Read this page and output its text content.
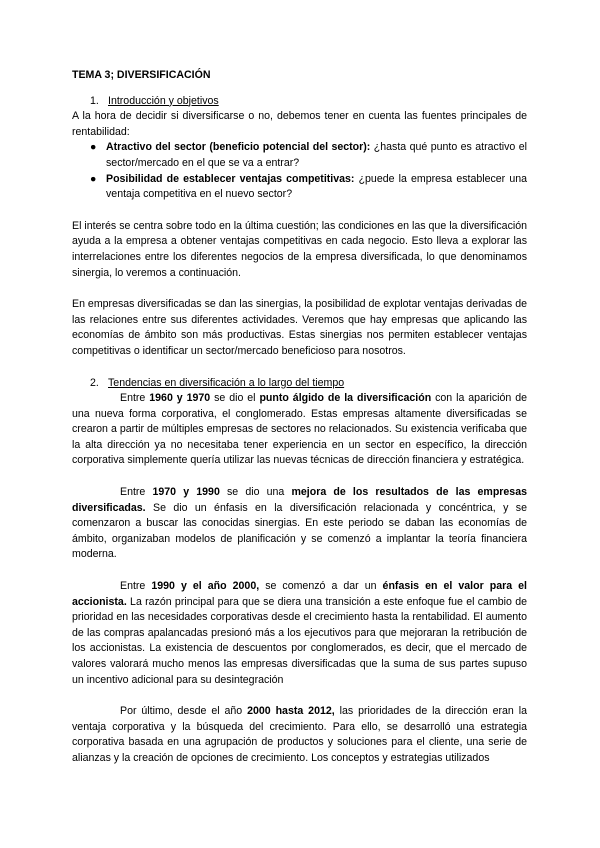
TEMA 3; DIVERSIFICACIÓN
1. Introducción y objetivos

A la hora de decidir si diversificarse o no, debemos tener en cuenta las fuentes principales de rentabilidad:

● Atractivo del sector (beneficio potencial del sector): ¿hasta qué punto es atractivo el sector/mercado en el que se va a entrar?
● Posibilidad de establecer ventajas competitivas: ¿puede la empresa establecer una ventaja competitiva en el nuevo sector?

El interés se centra sobre todo en la última cuestión; las condiciones en las que la diversificación ayuda a la empresa a obtener ventajas competitivas en cada negocio. Esto lleva a explorar las interrelaciones entre los diferentes negocios de la empresa diversificada, lo que denominamos sinergia, lo veremos a continuación.

En empresas diversificadas se dan las sinergias, la posibilidad de explotar ventajas derivadas de las relaciones entre sus diferentes actividades. Veremos que hay empresas que aplicando las economías de ámbito son más productivas. Estas sinergias nos permiten establecer ventajas competitivas o identificar un sector/mercado beneficioso para nosotros.

2. Tendencias en diversificación a lo largo del tiempo

Entre 1960 y 1970 se dio el punto álgido de la diversificación con la aparición de una nueva forma corporativa, el conglomerado. Estas empresas altamente diversificadas se crearon a partir de múltiples empresas de sectores no relacionados. Su existencia verificaba que la alta dirección ya no necesitaba tener experiencia en un sector en específico, la dirección corporativa simplemente quería utilizar las nuevas técnicas de dirección financiera y estratégica.

Entre 1970 y 1990 se dio una mejora de los resultados de las empresas diversificadas. Se dio un énfasis en la diversificación relacionada y concéntrica, y se comenzaron a buscar las conocidas sinergias. En este periodo se daban las economías de ámbito, organizaban modelos de planificación y se comenzó a implantar la teoría financiera moderna.

Entre 1990 y el año 2000, se comenzó a dar un énfasis en el valor para el accionista. La razón principal para que se diera una transición a este enfoque fue el cambio de prioridad en las necesidades corporativas desde el crecimiento hasta la rentabilidad. El aumento de las compras apalancadas presionó más a los ejecutivos para que mejoraran la retribución de los accionistas. La existencia de descuentos por conglomerados, es decir, que el mercado de valores valorará mucho menos las empresas diversificadas que la suma de sus partes supuso un incentivo adicional para su desintegración

Por último, desde el año 2000 hasta 2012, las prioridades de la dirección eran la ventaja corporativa y la búsqueda del crecimiento. Para ello, se desarrolló una estrategia corporativa basada en una agrupación de productos y soluciones para el cliente, una serie de alianzas y la creación de opciones de crecimiento. Los conceptos y estrategias utilizados
